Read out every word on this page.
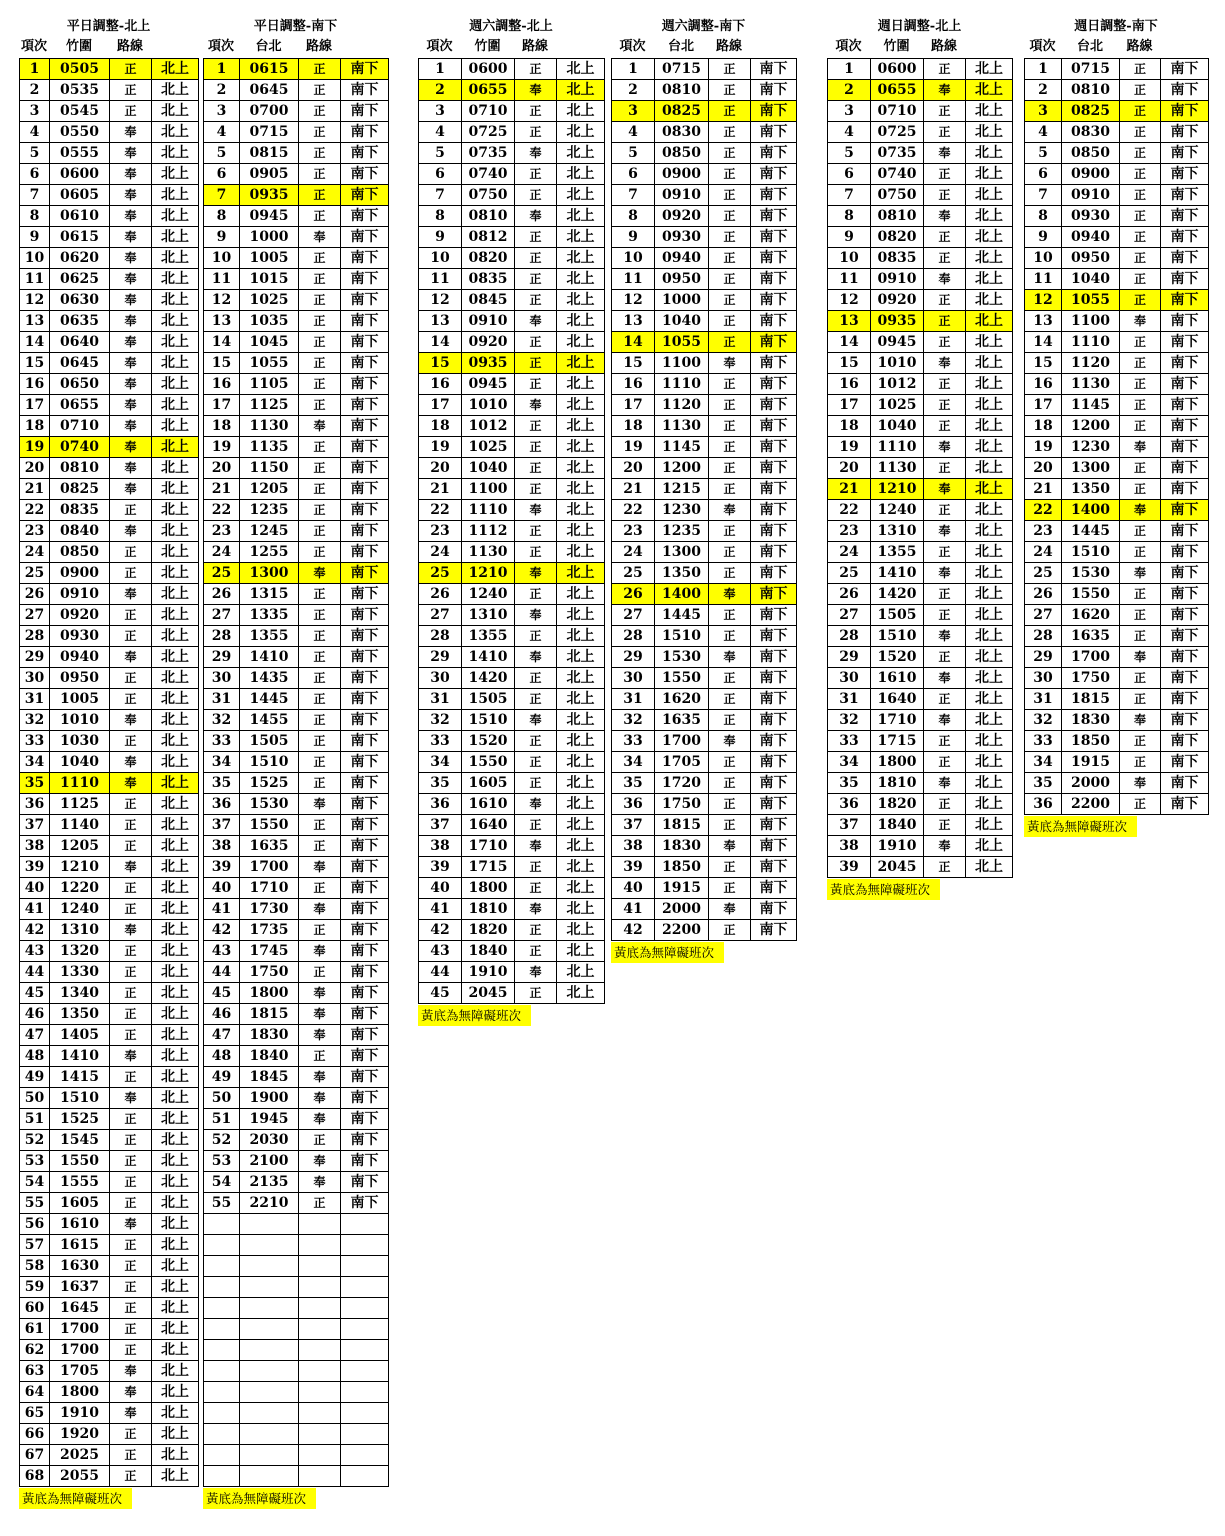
平日調整-北上
項次	竹圍	路線
1	0505	正	北上
2	0535	正	北上
3	0545	正	北上
4	0550	奉	北上
5	0555	奉	北上
6	0600	奉	北上
7	0605	奉	北上
8	0610	奉	北上
9	0615	奉	北上
10	0620	奉	北上
11	0625	奉	北上
12	0630	奉	北上
13	0635	奉	北上
14	0640	奉	北上
15	0645	奉	北上
16	0650	奉	北上
17	0655	奉	北上
18	0710	奉	北上
19	0740	奉	北上
20	0810	奉	北上
21	0825	奉	北上
22	0835	正	北上
23	0840	奉	北上
24	0850	正	北上
25	0900	正	北上
26	0910	奉	北上
27	0920	正	北上
28	0930	正	北上
29	0940	奉	北上
30	0950	正	北上
31	1005	正	北上
32	1010	奉	北上
33	1030	正	北上
34	1040	奉	北上
35	1110	奉	北上
36	1125	正	北上
37	1140	正	北上
38	1205	正	北上
39	1210	奉	北上
40	1220	正	北上
41	1240	正	北上
42	1310	奉	北上
43	1320	正	北上
44	1330	正	北上
45	1340	正	北上
46	1350	正	北上
47	1405	正	北上
48	1410	奉	北上
49	1415	正	北上
50	1510	奉	北上
51	1525	正	北上
52	1545	正	北上
53	1550	正	北上
54	1555	正	北上
55	1605	正	北上
56	1610	奉	北上
57	1615	正	北上
58	1630	正	北上
59	1637	正	北上
60	1645	正	北上
61	1700	正	北上
62	1700	正	北上
63	1705	奉	北上
64	1800	奉	北上
65	1910	奉	北上
66	1920	正	北上
67	2025	正	北上
68	2055	正	北上
黃底為無障礙班次
平日調整-南下
項次	台北	路線
1	0615	正	南下
2	0645	正	南下
3	0700	正	南下
4	0715	正	南下
5	0815	正	南下
6	0905	正	南下
7	0935	正	南下
8	0945	正	南下
9	1000	奉	南下
10	1005	正	南下
11	1015	正	南下
12	1025	正	南下
13	1035	正	南下
14	1045	正	南下
15	1055	正	南下
16	1105	正	南下
17	1125	正	南下
18	1130	奉	南下
19	1135	正	南下
20	1150	正	南下
21	1205	正	南下
22	1235	正	南下
23	1245	正	南下
24	1255	正	南下
25	1300	奉	南下
26	1315	正	南下
27	1335	正	南下
28	1355	正	南下
29	1410	正	南下
30	1435	正	南下
31	1445	正	南下
32	1455	正	南下
33	1505	正	南下
34	1510	正	南下
35	1525	正	南下
36	1530	奉	南下
37	1550	正	南下
38	1635	正	南下
39	1700	奉	南下
40	1710	正	南下
41	1730	奉	南下
42	1735	正	南下
43	1745	奉	南下
44	1750	正	南下
45	1800	奉	南下
46	1815	奉	南下
47	1830	奉	南下
48	1840	正	南下
49	1845	奉	南下
50	1900	奉	南下
51	1945	奉	南下
52	2030	正	南下
53	2100	奉	南下
54	2135	奉	南下
55	2210	正	南下

黃底為無障礙班次
週六調整-北上
項次	竹圍	路線
1	0600	正	北上
2	0655	奉	北上
3	0710	正	北上
4	0725	正	北上
5	0735	奉	北上
6	0740	正	北上
7	0750	正	北上
8	0810	奉	北上
9	0812	正	北上
10	0820	正	北上
11	0835	正	北上
12	0845	正	北上
13	0910	奉	北上
14	0920	正	北上
15	0935	正	北上
16	0945	正	北上
17	1010	奉	北上
18	1012	正	北上
19	1025	正	北上
20	1040	正	北上
21	1100	正	北上
22	1110	奉	北上
23	1112	正	北上
24	1130	正	北上
25	1210	奉	北上
26	1240	正	北上
27	1310	奉	北上
28	1355	正	北上
29	1410	奉	北上
30	1420	正	北上
31	1505	正	北上
32	1510	奉	北上
33	1520	正	北上
34	1550	正	北上
35	1605	正	北上
36	1610	奉	北上
37	1640	正	北上
38	1710	奉	北上
39	1715	正	北上
40	1800	正	北上
41	1810	奉	北上
42	1820	正	北上
43	1840	正	北上
44	1910	奉	北上
45	2045	正	北上
黃底為無障礙班次
週六調整-南下
項次	台北	路線
1	0715	正	南下
2	0810	正	南下
3	0825	正	南下
4	0830	正	南下
5	0850	正	南下
6	0900	正	南下
7	0910	正	南下
8	0920	正	南下
9	0930	正	南下
10	0940	正	南下
11	0950	正	南下
12	1000	正	南下
13	1040	正	南下
14	1055	正	南下
15	1100	奉	南下
16	1110	正	南下
17	1120	正	南下
18	1130	正	南下
19	1145	正	南下
20	1200	正	南下
21	1215	正	南下
22	1230	奉	南下
23	1235	正	南下
24	1300	正	南下
25	1350	正	南下
26	1400	奉	南下
27	1445	正	南下
28	1510	正	南下
29	1530	奉	南下
30	1550	正	南下
31	1620	正	南下
32	1635	正	南下
33	1700	奉	南下
34	1705	正	南下
35	1720	正	南下
36	1750	正	南下
37	1815	正	南下
38	1830	奉	南下
39	1850	正	南下
40	1915	正	南下
41	2000	奉	南下
42	2200	正	南下
黃底為無障礙班次
週日調整-北上
項次	竹圍	路線
1	0600	正	北上
2	0655	奉	北上
3	0710	正	北上
4	0725	正	北上
5	0735	奉	北上
6	0740	正	北上
7	0750	正	北上
8	0810	奉	北上
9	0820	正	北上
10	0835	正	北上
11	0910	奉	北上
12	0920	正	北上
13	0935	正	北上
14	0945	正	北上
15	1010	奉	北上
16	1012	正	北上
17	1025	正	北上
18	1040	正	北上
19	1110	奉	北上
20	1130	正	北上
21	1210	奉	北上
22	1240	正	北上
23	1310	奉	北上
24	1355	正	北上
25	1410	奉	北上
26	1420	正	北上
27	1505	正	北上
28	1510	奉	北上
29	1520	正	北上
30	1610	奉	北上
31	1640	正	北上
32	1710	奉	北上
33	1715	正	北上
34	1800	正	北上
35	1810	奉	北上
36	1820	正	北上
37	1840	正	北上
38	1910	奉	北上
39	2045	正	北上
黃底為無障礙班次
週日調整-南下
項次	台北	路線
1	0715	正	南下
2	0810	正	南下
3	0825	正	南下
4	0830	正	南下
5	0850	正	南下
6	0900	正	南下
7	0910	正	南下
8	0930	正	南下
9	0940	正	南下
10	0950	正	南下
11	1040	正	南下
12	1055	正	南下
13	1100	奉	南下
14	1110	正	南下
15	1120	正	南下
16	1130	正	南下
17	1145	正	南下
18	1200	正	南下
19	1230	奉	南下
20	1300	正	南下
21	1350	正	南下
22	1400	奉	南下
23	1445	正	南下
24	1510	正	南下
25	1530	奉	南下
26	1550	正	南下
27	1620	正	南下
28	1635	正	南下
29	1700	奉	南下
30	1750	正	南下
31	1815	正	南下
32	1830	奉	南下
33	1850	正	南下
34	1915	正	南下
35	2000	奉	南下
36	2200	正	南下
黃底為無障礙班次
